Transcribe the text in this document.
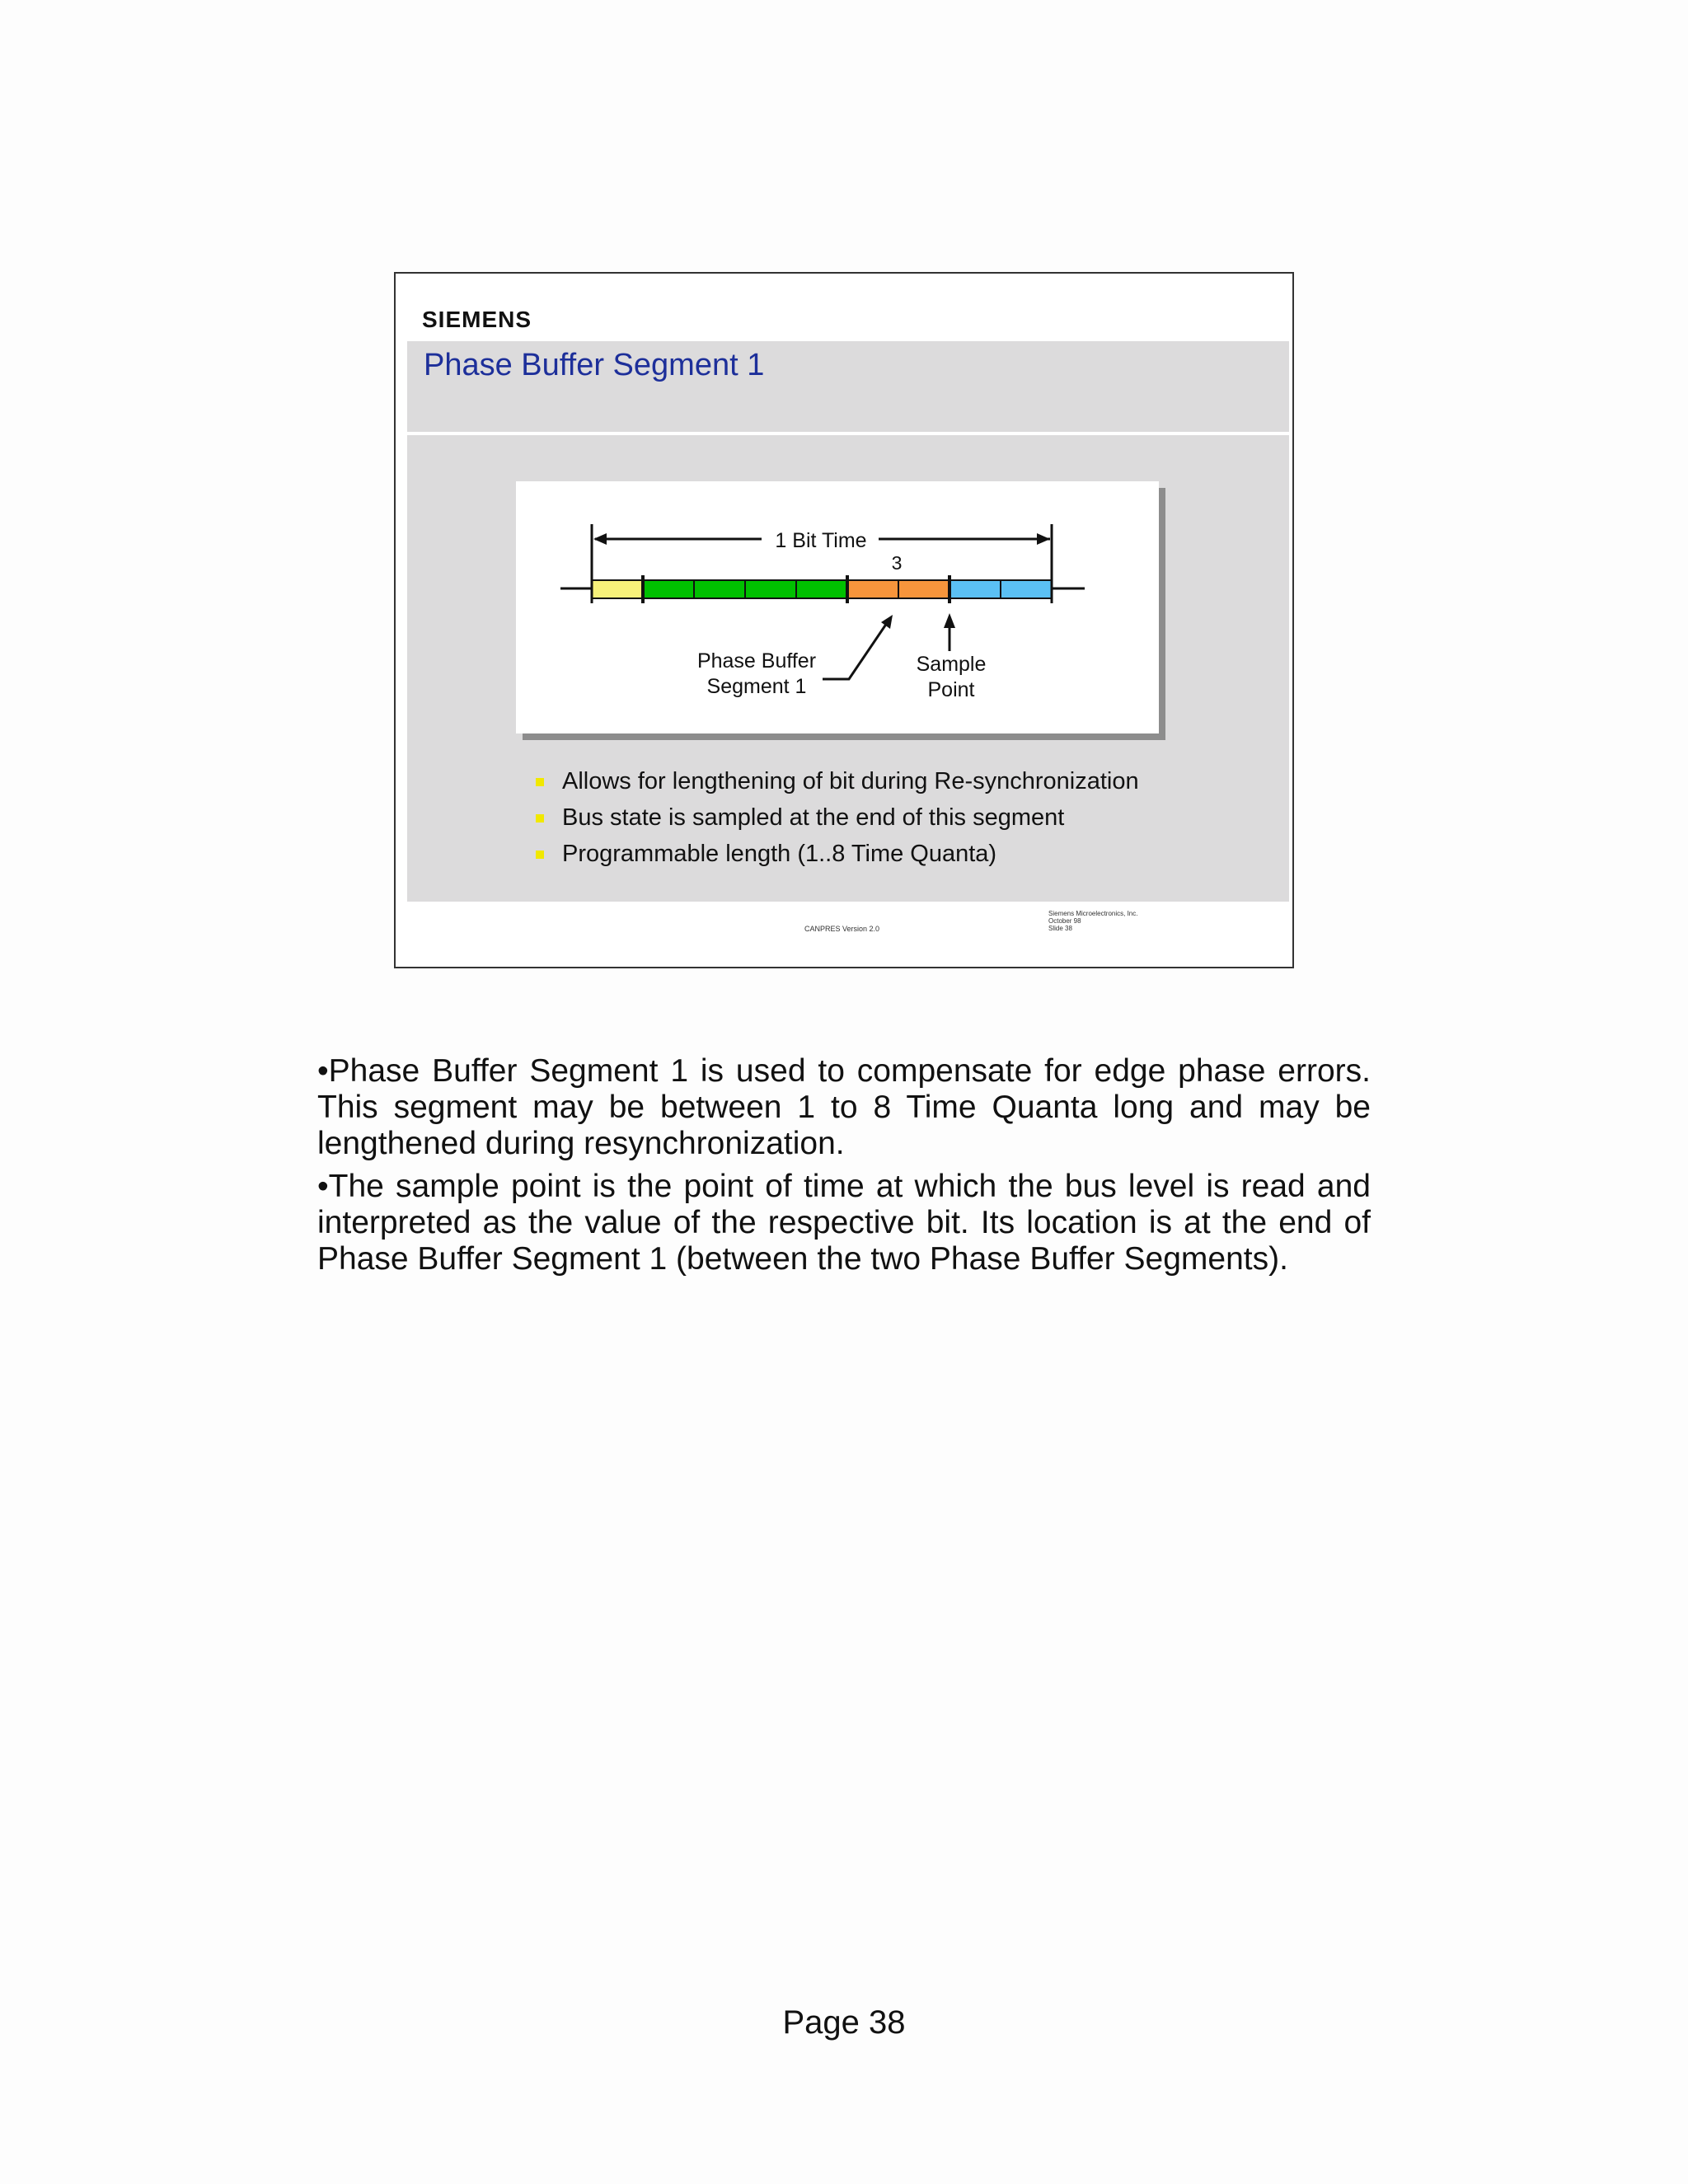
SIEMENS
Phase Buffer Segment 1
1 Bit Time
3
Phase Buffer
Segment 1
Sample
Point
Allows for lengthening of bit during Re-synchronization
Bus state is sampled at the end of this segment
Programmable length (1..8 Time Quanta)
CANPRES Version 2.0
Siemens Microelectronics, Inc.
October 98
Slide 38

•Phase Buffer Segment 1 is used to compensate for edge phase errors. This segment may be between 1 to 8 Time Quanta long and may be lengthened during resynchronization.

•The sample point is the point of time at which the bus level is read and interpreted as the value of the respective bit. Its location is at the end of Phase Buffer Segment 1 (between the two Phase Buffer Segments).

Page 38
